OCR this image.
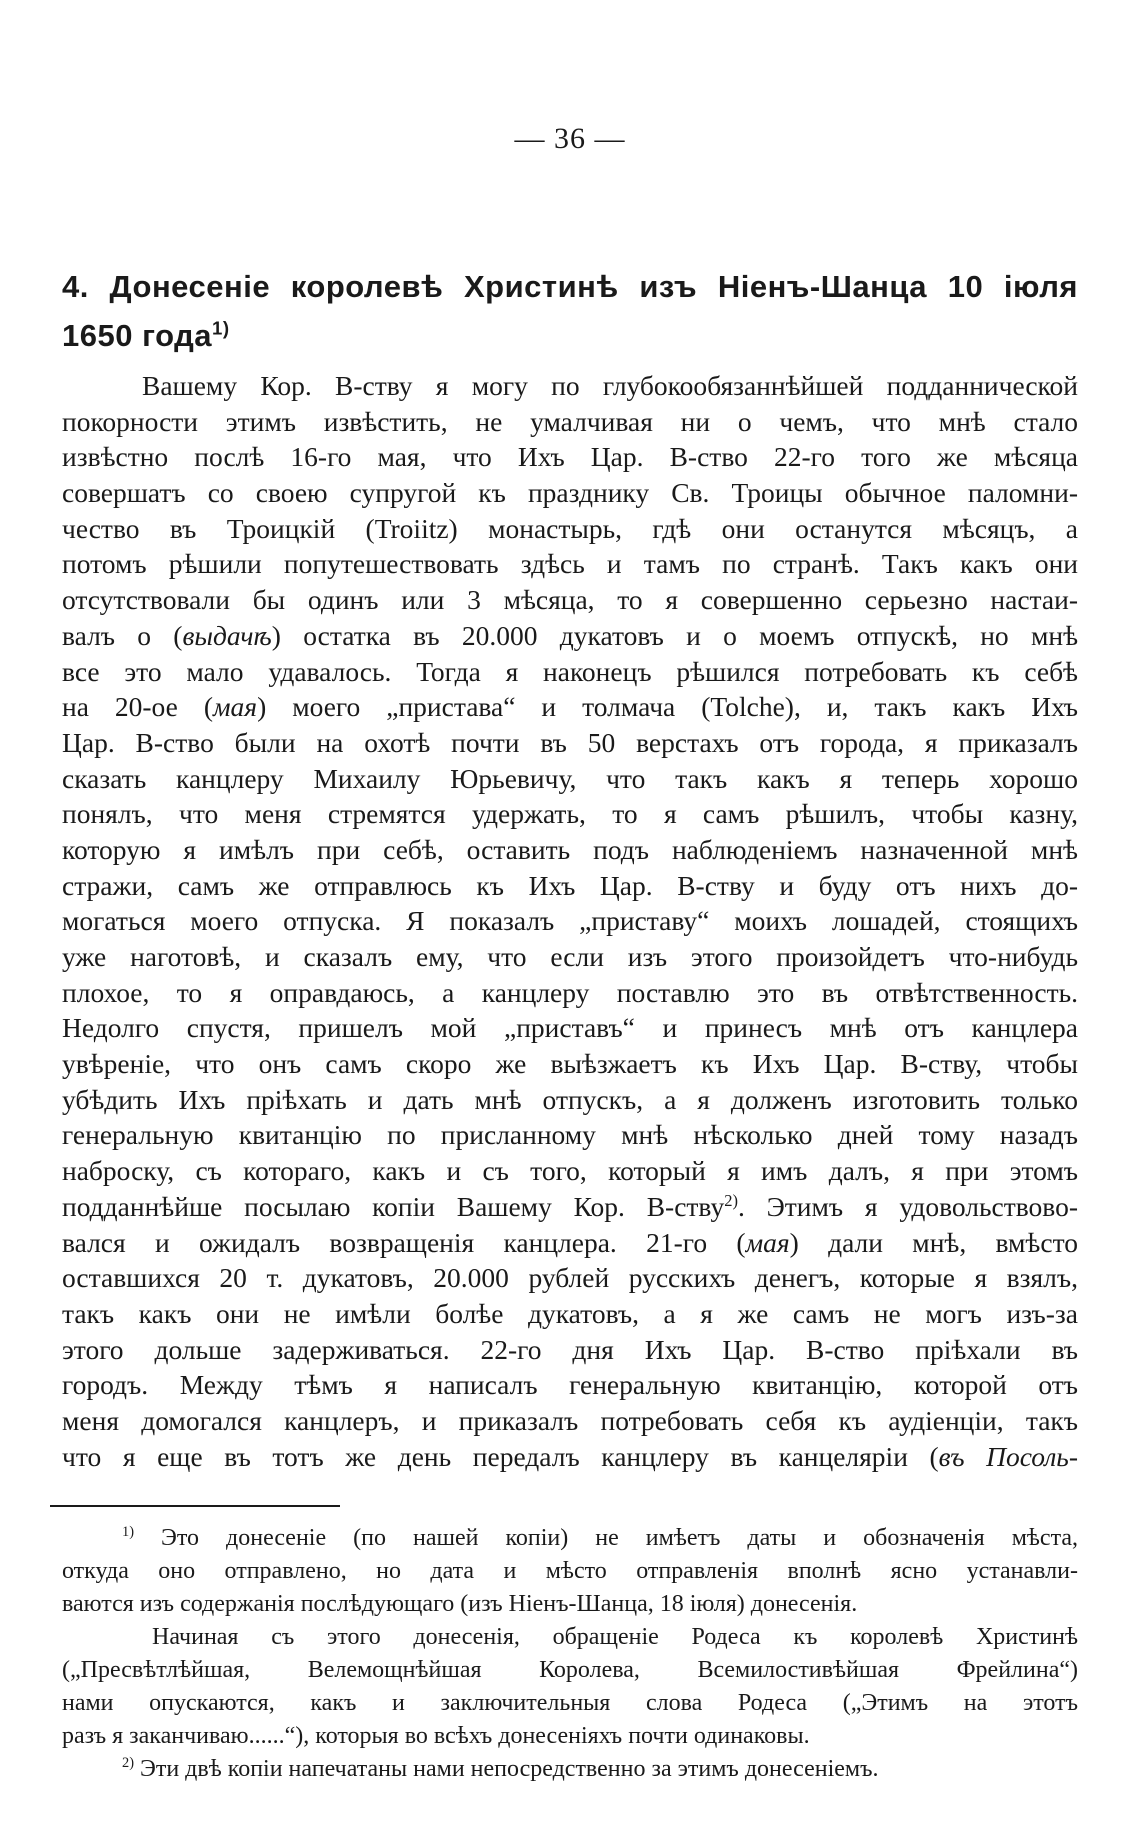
— 36 —
4. Донесеніе королевѣ Христинѣ изъ Ніенъ-Шанца 10 іюля
1650 года$^{1)}$
Вашему Кор. В-ству я могу по глубокообязаннѣйшей подданнической
покорности этимъ извѣстить, не умалчивая ни о чемъ, что мнѣ стало
извѣстно послѣ 16-го мая, что Ихъ Цар. В-ство 22-го того же мѣсяца
совершатъ со своею супругой къ празднику Св. Троицы обычное паломни-
чество въ Троицкій (Troiitz) монастырь, гдѣ они останутся мѣсяцъ, а
потомъ рѣшили попутешествовать здѣсь и тамъ по странѣ. Такъ какъ они
отсутствовали бы одинъ или 3 мѣсяца, то я совершенно серьезно настаи-
валъ о (выдачѣ) остатка въ 20.000 дукатовъ и о моемъ отпускѣ, но мнѣ
все это мало удавалось. Тогда я наконецъ рѣшился потребовать къ себѣ
на 20-ое (мая) моего „пристава“ и толмача (Tolche), и, такъ какъ Ихъ
Цар. В-ство были на охотѣ почти въ 50 верстахъ отъ города, я приказалъ
сказать канцлеру Михаилу Юрьевичу, что такъ какъ я теперь хорошо
понялъ, что меня стремятся удержать, то я самъ рѣшилъ, чтобы казну,
которую я имѣлъ при себѣ, оставить подъ наблюденіемъ назначенной мнѣ
стражи, самъ же отправлюсь къ Ихъ Цар. В-ству и буду отъ нихъ до-
могаться моего отпуска. Я показалъ „приставу“ моихъ лошадей, стоящихъ
уже наготовѣ, и сказалъ ему, что если изъ этого произойдетъ что-нибудь
плохое, то я оправдаюсь, а канцлеру поставлю это въ отвѣтственность.
Недолго спустя, пришелъ мой „приставъ“ и принесъ мнѣ отъ канцлера
увѣреніе, что онъ самъ скоро же выѣзжаетъ къ Ихъ Цар. В-ству, чтобы
убѣдить Ихъ пріѣхать и дать мнѣ отпускъ, а я долженъ изготовить только
генеральную квитанцію по присланному мнѣ нѣсколько дней тому назадъ
наброску, съ котораго, какъ и съ того, который я имъ далъ, я при этомъ
подданнѣйше посылаю копіи Вашему Кор. В-ству$^{2)}$. Этимъ я удовольствово-
вался и ожидалъ возвращенія канцлера. 21-го (мая) дали мнѣ, вмѣсто
оставшихся 20 т. дукатовъ, 20.000 рублей русскихъ денегъ, которые я взялъ,
такъ какъ они не имѣли болѣе дукатовъ, а я же самъ не могъ изъ-за
этого дольше задерживаться. 22-го дня Ихъ Цар. В-ство пріѣхали въ
городъ. Между тѣмъ я написалъ генеральную квитанцію, которой отъ
меня домогался канцлеръ, и приказалъ потребовать себя къ аудіенціи, такъ
что я еще въ тотъ же день передалъ канцлеру въ канцеляріи (въ Посоль-
$^{1)}$ Это донесеніе (по нашей копіи) не имѣетъ даты и обозначенія мѣста,
откуда оно отправлено, но дата и мѣсто отправленія вполнѣ ясно устанавли-
ваются изъ содержанія послѣдующаго (изъ Ніенъ-Шанца, 18 іюля) донесенія.
Начиная съ этого донесенія, обращеніе Родеса къ королевѣ Христинѣ
(„Пресвѣтлѣйшая, Велемощнѣйшая Королева, Всемилостивѣйшая Фрейлина“)
нами опускаются, какъ и заключительныя слова Родеса („Этимъ на этотъ
разъ я заканчиваю......“), которыя во всѣхъ донесеніяхъ почти одинаковы.
$^{2)}$ Эти двѣ копіи напечатаны нами непосредственно за этимъ донесеніемъ.
